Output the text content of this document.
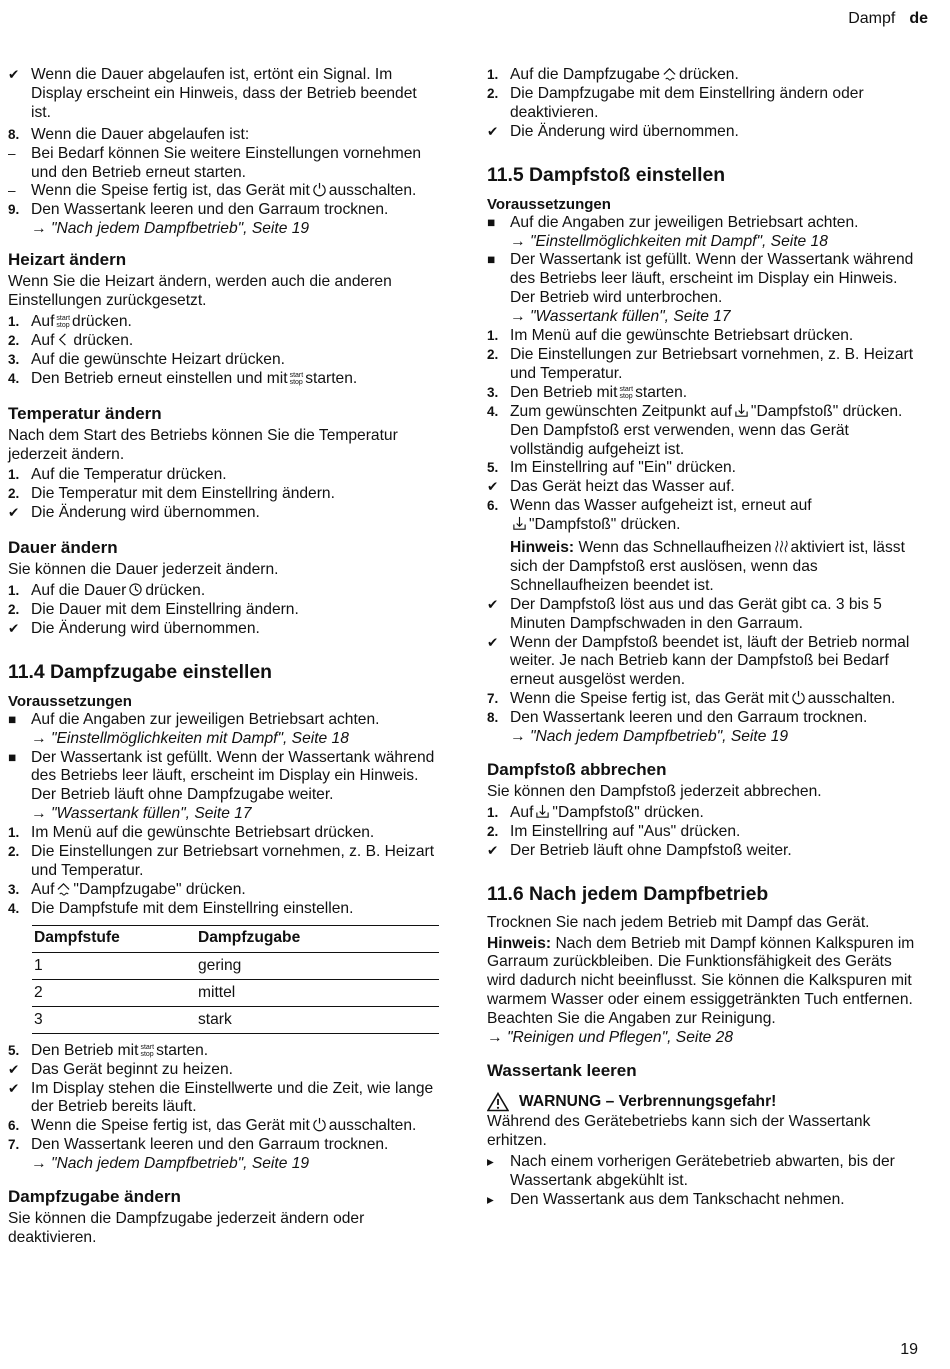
Dampf de
✔ Wenn die Dauer abgelaufen ist, ertönt ein Signal. Im Display erscheint ein Hinweis, dass der Betrieb beendet ist.
8. Wenn die Dauer abgelaufen ist:
– Bei Bedarf können Sie weitere Einstellungen vornehmen und den Betrieb erneut starten.
– Wenn die Speise fertig ist, das Gerät mit ausschalten.
9. Den Wassertank leeren und den Garraum trocknen.
→ "Nach jedem Dampfbetrieb", Seite 19
Heizart ändern
Wenn Sie die Heizart ändern, werden auch die anderen Einstellungen zurückgesetzt.
1. Auf start
stop drücken.
2. Auf drücken.
3. Auf die gewünschte Heizart drücken.
4. Den Betrieb erneut einstellen und mit start
stop starten.
Temperatur ändern
Nach dem Start des Betriebs können Sie die Temperatur jederzeit ändern.
1. Auf die Temperatur drücken.
2. Die Temperatur mit dem Einstellring ändern.
✔ Die Änderung wird übernommen.
Dauer ändern
Sie können die Dauer jederzeit ändern.
1. Auf die Dauer drücken.
2. Die Dauer mit dem Einstellring ändern.
✔ Die Änderung wird übernommen.
11.4 Dampfzugabe einstellen
Voraussetzungen
■ Auf die Angaben zur jeweiligen Betriebsart achten.
→ "Einstellmöglichkeiten mit Dampf", Seite 18
■ Der Wassertank ist gefüllt. Wenn der Wassertank während des Betriebs leer läuft, erscheint im Display ein Hinweis. Der Betrieb läuft ohne Dampfzugabe weiter.
→ "Wassertank füllen", Seite 17
1. Im Menü auf die gewünschte Betriebsart drücken.
2. Die Einstellungen zur Betriebsart vornehmen, z. B. Heizart und Temperatur.
3. Auf "Dampfzugabe" drücken.
4. Die Dampfstufe mit dem Einstellring einstellen.
Dampfstufe	Dampfzugabe
1	gering
2	mittel
3	stark
5. Den Betrieb mit start
stop starten.
✔ Das Gerät beginnt zu heizen.
✔ Im Display stehen die Einstellwerte und die Zeit, wie lange der Betrieb bereits läuft.
6. Wenn die Speise fertig ist, das Gerät mit ausschalten.
7. Den Wassertank leeren und den Garraum trocknen.
→ "Nach jedem Dampfbetrieb", Seite 19
Dampfzugabe ändern
Sie können die Dampfzugabe jederzeit ändern oder deaktivieren.
1. Auf die Dampfzugabe drücken.
2. Die Dampfzugabe mit dem Einstellring ändern oder deaktivieren.
✔ Die Änderung wird übernommen.
11.5 Dampfstoß einstellen
Voraussetzungen
■ Auf die Angaben zur jeweiligen Betriebsart achten.
→ "Einstellmöglichkeiten mit Dampf", Seite 18
■ Der Wassertank ist gefüllt. Wenn der Wassertank während des Betriebs leer läuft, erscheint im Display ein Hinweis. Der Betrieb wird unterbrochen.
→ "Wassertank füllen", Seite 17
1. Im Menü auf die gewünschte Betriebsart drücken.
2. Die Einstellungen zur Betriebsart vornehmen, z. B. Heizart und Temperatur.
3. Den Betrieb mit start
stop starten.
4. Zum gewünschten Zeitpunkt auf "Dampfstoß" drücken.
Den Dampfstoß erst verwenden, wenn das Gerät vollständig aufgeheizt ist.
5. Im Einstellring auf "Ein" drücken.
✔ Das Gerät heizt das Wasser auf.
6. Wenn das Wasser aufgeheizt ist, erneut auf
"Dampfstoß" drücken.
Hinweis: Wenn das Schnellaufheizen aktiviert ist, lässt sich der Dampfstoß erst auslösen, wenn das Schnellaufheizen beendet ist.
✔ Der Dampfstoß löst aus und das Gerät gibt ca. 3 bis 5 Minuten Dampfschwaden in den Garraum.
✔ Wenn der Dampfstoß beendet ist, läuft der Betrieb normal weiter. Je nach Betrieb kann der Dampfstoß bei Bedarf erneut ausgelöst werden.
7. Wenn die Speise fertig ist, das Gerät mit ausschalten.
8. Den Wassertank leeren und den Garraum trocknen.
→ "Nach jedem Dampfbetrieb", Seite 19
Dampfstoß abbrechen
Sie können den Dampfstoß jederzeit abbrechen.
1. Auf "Dampfstoß" drücken.
2. Im Einstellring auf "Aus" drücken.
✔ Der Betrieb läuft ohne Dampfstoß weiter.
11.6 Nach jedem Dampfbetrieb
Trocknen Sie nach jedem Betrieb mit Dampf das Gerät.
Hinweis: Nach dem Betrieb mit Dampf können Kalkspuren im Garraum zurückbleiben. Die Funktionsfähigkeit des Geräts wird dadurch nicht beeinflusst. Sie können die Kalkspuren mit warmem Wasser oder einem essiggetränkten Tuch entfernen. Beachten Sie die Angaben zur Reinigung.
→ "Reinigen und Pflegen", Seite 28
Wassertank leeren
WARNUNG – Verbrennungsgefahr!
Während des Gerätebetriebs kann sich der Wassertank erhitzen.
▸	Nach einem vorherigen Gerätebetrieb abwarten, bis der Wassertank abgekühlt ist.
▸	Den Wassertank aus dem Tankschacht nehmen.
19
